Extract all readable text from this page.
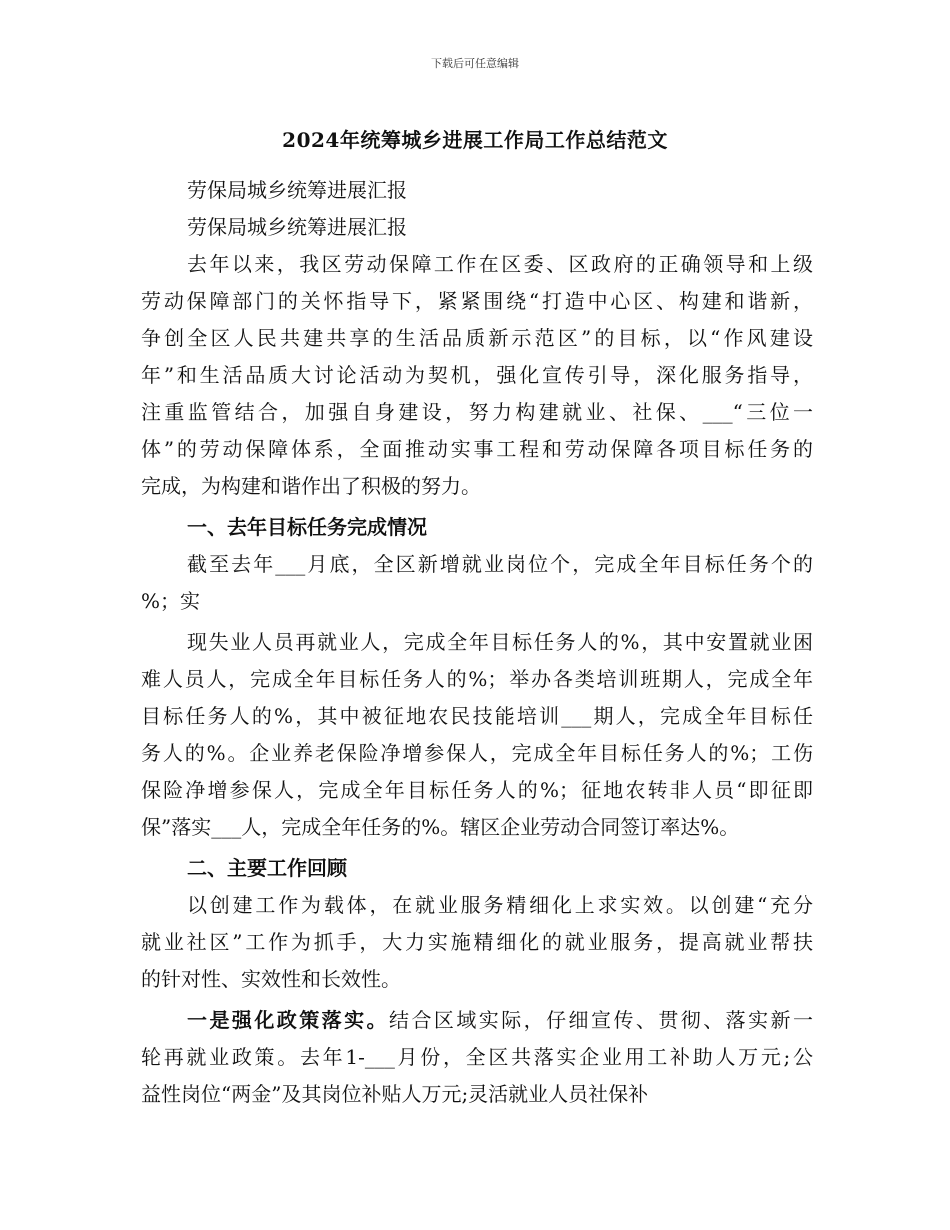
下载后可任意编辑
2024年统筹城乡进展工作局工作总结范文
劳保局城乡统筹进展汇报
劳保局城乡统筹进展汇报
去年以来，我区劳动保障工作在区委、区政府的正确领导和上级
劳动保障部门的关怀指导下，紧紧围绕“打造中心区、构建和谐新，
争创全区人民共建共享的生活品质新示范区”的目标，以“作风建设
年”和生活品质大讨论活动为契机，强化宣传引导，深化服务指导，
注重监管结合，加强自身建设，努力构建就业、社保、___“三位一
体”的劳动保障体系，全面推动实事工程和劳动保障各项目标任务的
完成，为构建和谐作出了积极的努力。
一、去年目标任务完成情况
截至去年___月底，全区新增就业岗位个，完成全年目标任务个的
%；实
现失业人员再就业人，完成全年目标任务人的%，其中安置就业困
难人员人，完成全年目标任务人的%；举办各类培训班期人，完成全年
目标任务人的%，其中被征地农民技能培训___期人，完成全年目标任
务人的%。企业养老保险净增参保人，完成全年目标任务人的%；工伤
保险净增参保人，完成全年目标任务人的%；征地农转非人员“即征即
保”落实___人，完成全年任务的%。辖区企业劳动合同签订率达%。
二、主要工作回顾
以创建工作为载体，在就业服务精细化上求实效。以创建“充分
就业社区”工作为抓手，大力实施精细化的就业服务，提高就业帮扶
的针对性、实效性和长效性。
一是强化政策落实。结合区域实际，仔细宣传、贯彻、落实新一
轮再就业政策。去年1-___月份，全区共落实企业用工补助人万元;公
益性岗位“两金”及其岗位补贴人万元;灵活就业人员社保补
